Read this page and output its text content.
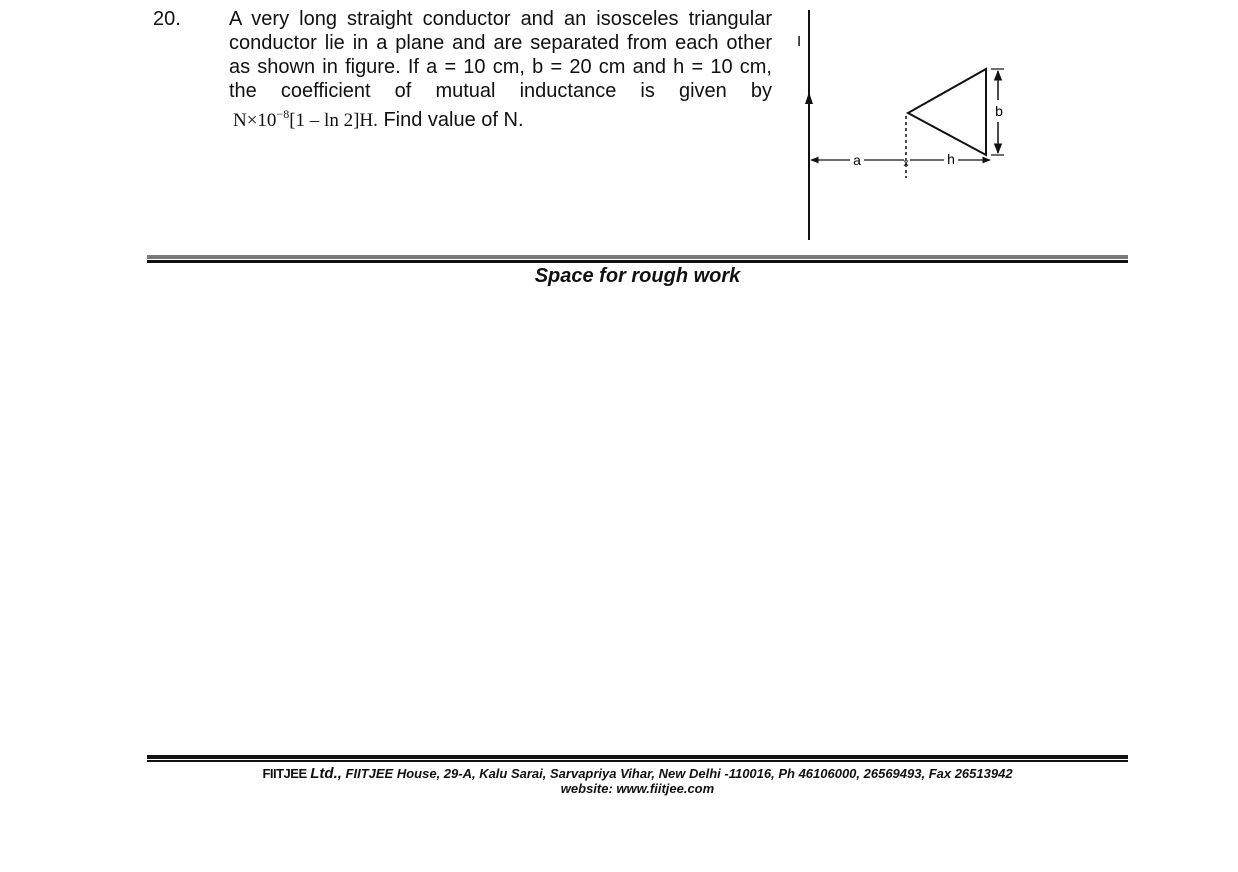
20. A very long straight conductor and an isosceles triangular conductor lie in a plane and are separated from each other as shown in figure. If a = 10 cm, b = 20 cm and h = 10 cm, the coefficient of mutual inductance is given by
$N\times 10^{-8}[1 - \ln 2]H$. Find value of N.
I
a	x	h
b
Space for rough work
FIITJEE Ltd., FIITJEE House, 29-A, Kalu Sarai, Sarvapriya Vihar, New Delhi -110016, Ph 46106000, 26569493, Fax 26513942
website: www.fiitjee.com
